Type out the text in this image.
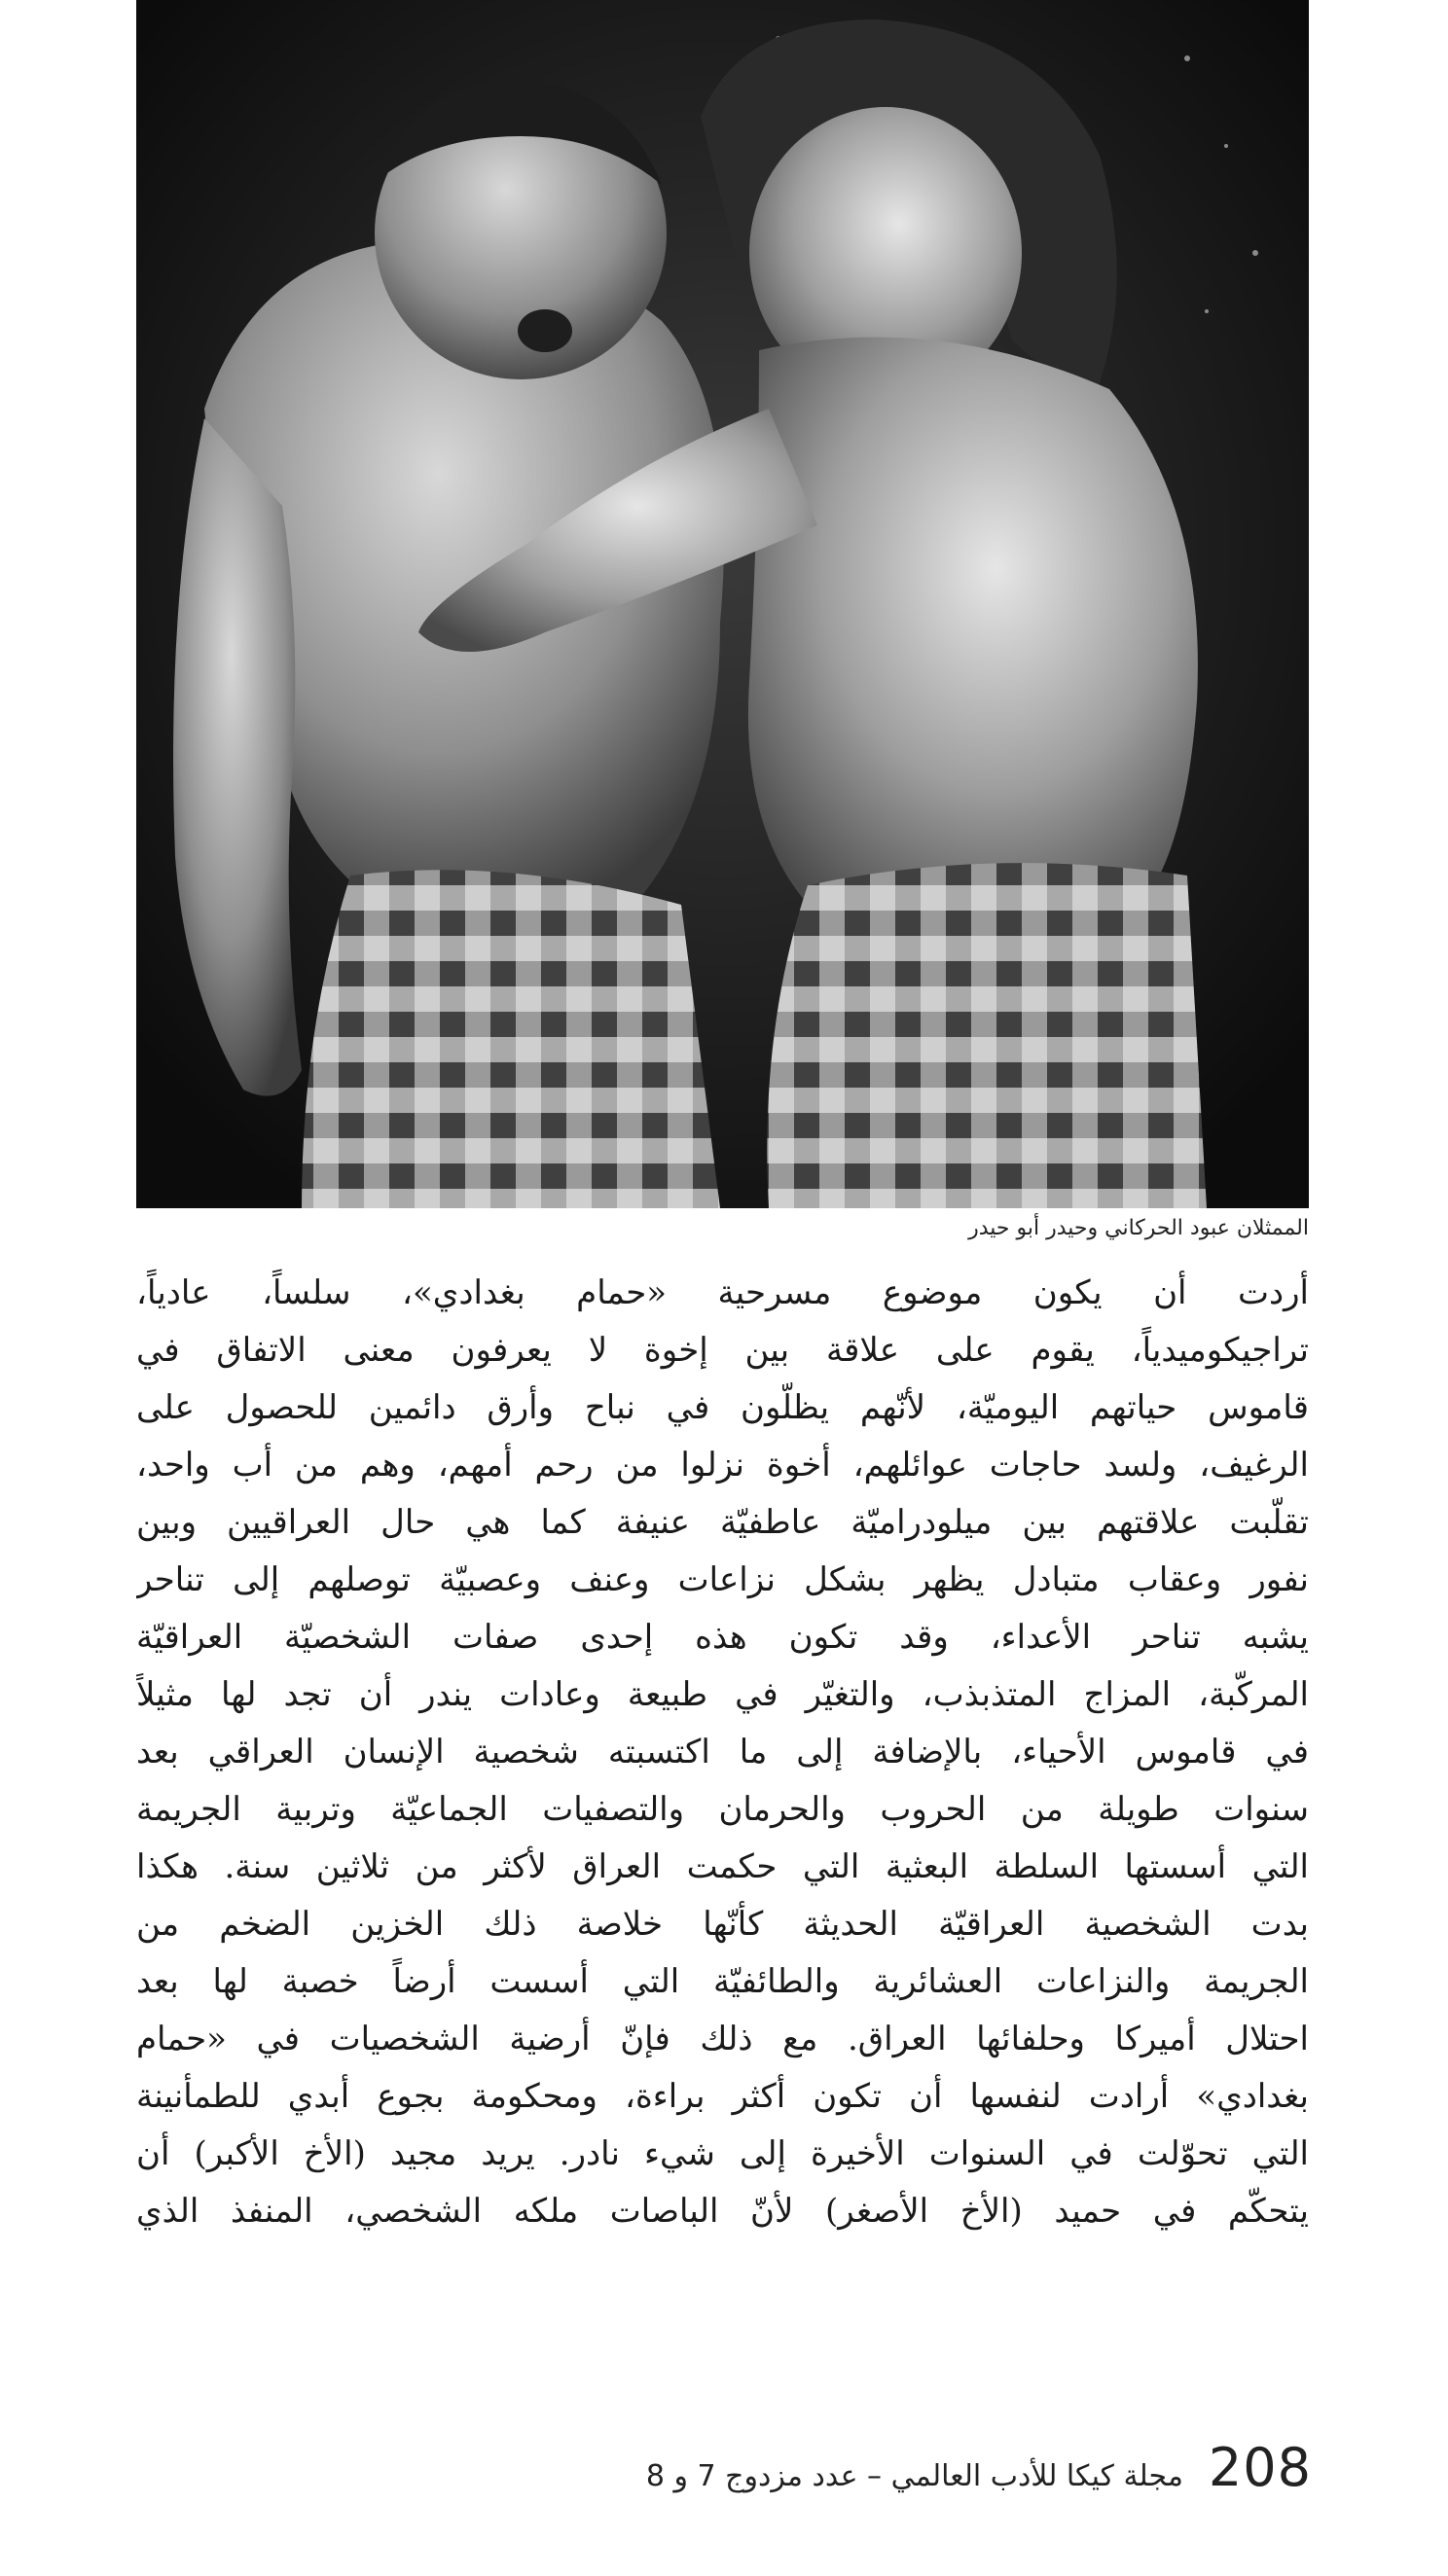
الممثلان عبود الحركاني وحيدر أبو حيدر
أردت أن يكون موضوع مسرحية «حمام بغدادي»، سلساً، عادياً،
تراجيكوميدياً، يقوم على علاقة بين إخوة لا يعرفون معنى الاتفاق في
قاموس حياتهم اليوميّة، لأنّهم يظلّون في نباح وأرق دائمين للحصول على
الرغيف، ولسد حاجات عوائلهم، أخوة نزلوا من رحم أمهم، وهم من أب واحد،
تقلّبت علاقتهم بين ميلودراميّة عاطفيّة عنيفة كما هي حال العراقيين وبين
نفور وعقاب متبادل يظهر بشكل نزاعات وعنف وعصبيّة توصلهم إلى تناحر
يشبه تناحر الأعداء، وقد تكون هذه إحدى صفات الشخصيّة العراقيّة
المركّبة، المزاج المتذبذب، والتغيّر في طبيعة وعادات يندر أن تجد لها مثيلاً
في قاموس الأحياء، بالإضافة إلى ما اكتسبته شخصية الإنسان العراقي بعد
سنوات طويلة من الحروب والحرمان والتصفيات الجماعيّة وتربية الجريمة
التي أسستها السلطة البعثية التي حكمت العراق لأكثر من ثلاثين سنة. هكذا
بدت الشخصية العراقيّة الحديثة كأنّها خلاصة ذلك الخزين الضخم من
الجريمة والنزاعات العشائرية والطائفيّة التي أسست أرضاً خصبة لها بعد
احتلال أميركا وحلفائها العراق. مع ذلك فإنّ أرضية الشخصيات في «حمام
بغدادي» أرادت لنفسها أن تكون أكثر براءة، ومحكومة بجوع أبدي للطمأنينة
التي تحوّلت في السنوات الأخيرة إلى شيء نادر. يريد مجيد (الأخ الأكبر) أن
يتحكّم في حميد (الأخ الأصغر) لأنّ الباصات ملكه الشخصي، المنفذ الذي
208
مجلة كيكا للأدب العالمي – عدد مزدوج 7 و 8
